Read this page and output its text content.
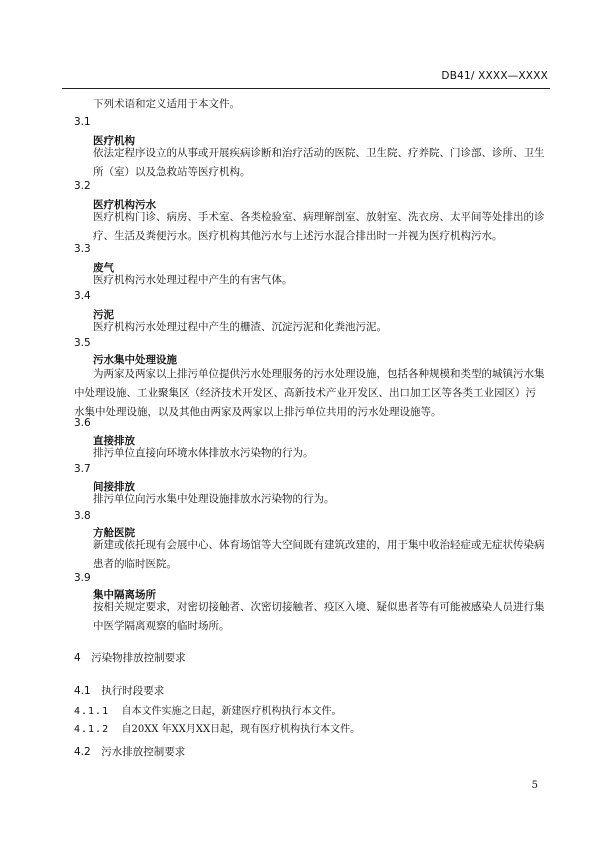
DB41/ XXXX—XXXX
下列术语和定义适用于本文件。
3.1
医疗机构
依法定程序设立的从事或开展疾病诊断和治疗活动的医院、卫生院、疗养院、门诊部、诊所、卫生所（室）以及急救站等医疗机构。
3.2
医疗机构污水
医疗机构门诊、病房、手术室、各类检验室、病理解剖室、放射室、洗衣房、太平间等处排出的诊疗、生活及粪便污水。医疗机构其他污水与上述污水混合排出时一并视为医疗机构污水。
3.3
废气
医疗机构污水处理过程中产生的有害气体。
3.4
污泥
医疗机构污水处理过程中产生的栅渣、沉淀污泥和化粪池污泥。
3.5
污水集中处理设施
为两家及两家以上排污单位提供污水处理服务的污水处理设施，包括各种规模和类型的城镇污水集中处理设施、工业聚集区（经济技术开发区、高新技术产业开发区、出口加工区等各类工业园区）污水集中处理设施，以及其他由两家及两家以上排污单位共用的污水处理设施等。
3.6
直接排放
排污单位直接向环境水体排放水污染物的行为。
3.7
间接排放
排污单位向污水集中处理设施排放水污染物的行为。
3.8
方舱医院
新建或依托现有会展中心、体育场馆等大空间既有建筑改建的，用于集中收治轻症或无症状传染病患者的临时医院。
3.9
集中隔离场所
按相关规定要求，对密切接触者、次密切接触者、疫区入境、疑似患者等有可能被感染人员进行集中医学隔离观察的临时场所。
4　污染物排放控制要求
4.1　执行时段要求
4.1.1 自本文件实施之日起，新建医疗机构执行本文件。
4.1.2 自20XX 年XX月XX日起，现有医疗机构执行本文件。
4.2　污水排放控制要求
5
